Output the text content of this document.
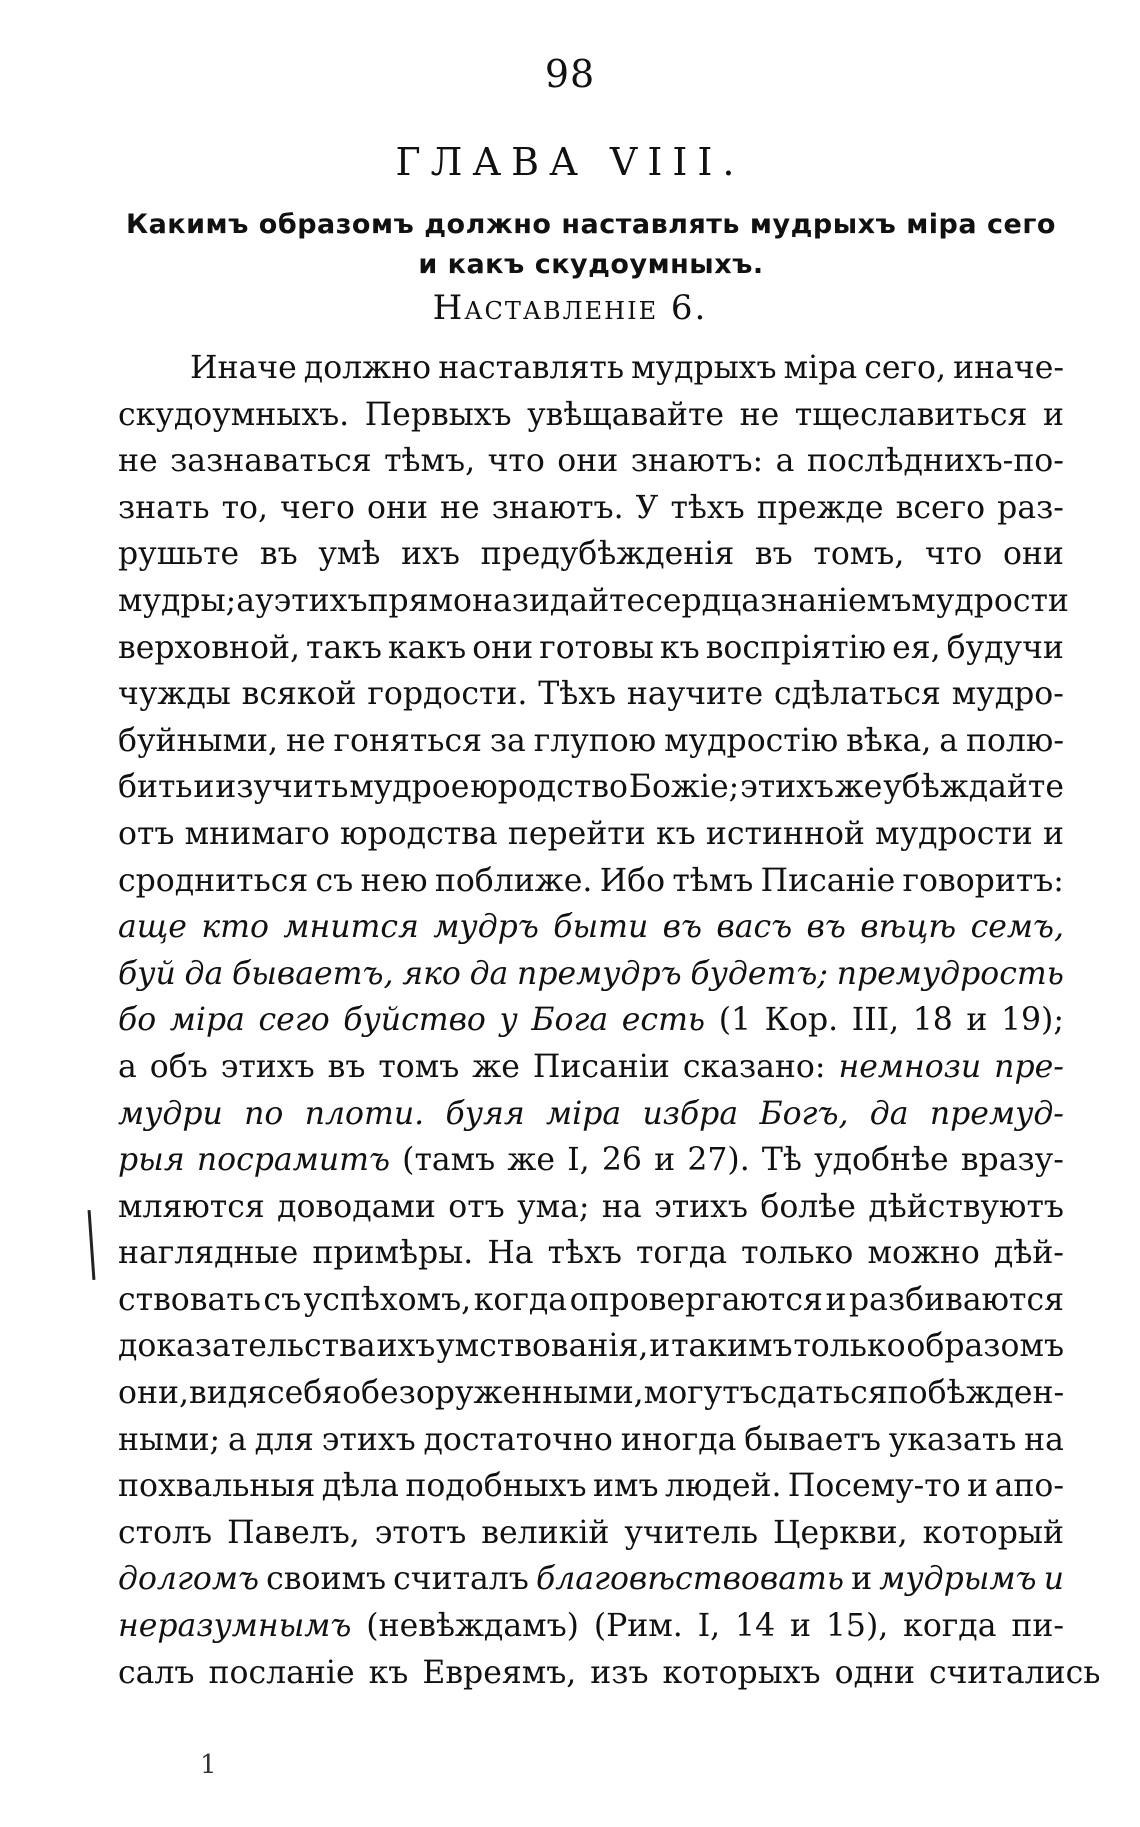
98
ГЛАВА VIII.
Какимъ образомъ должно наставлять мудрыхъ міра сего и какъ скудоумныхъ.
Наставленіе 6.
Иначе должно наставлять мудрыхъ міра сего, иначе-
скудоумныхъ. Первыхъ увѣщавайте не тщеславиться и
не зазнаваться тѣмъ, что они знаютъ: а послѣднихъ-по-
знать то, чего они не знаютъ. У тѣхъ прежде всего раз-
рушьте въ умѣ ихъ предубѣжденія въ томъ, что они
мудры; а у этихъ прямо назидайте сердца знаніемъ мудрости
верховной, такъ какъ они готовы къ воспріятію ея, будучи
чужды всякой гордости. Тѣхъ научите сдѣлаться мудро-
буйными, не гоняться за глупою мудростію вѣка, а полю-
бить и изучить мудрое юродство Божіе; этихъ же убѣждайте
отъ мнимаго юродства перейти къ истинной мудрости и
сродниться съ нею поближе. Ибо тѣмъ Писаніе говоритъ:
аще кто мнится мудръ быти въ васъ въ вѣцѣ семъ,
буй да бываетъ, яко да премудръ будетъ; премудрость
бо міра сего буйство у Бога есть (1 Кор. III, 18 и 19);
а объ этихъ въ томъ же Писаніи сказано: немнози пре-
мудри по плоти. буяя міра избра Богъ, да премуд-
рыя посрамитъ (тамъ же I, 26 и 27). Тѣ удобнѣе вразу-
мляются доводами отъ ума; на этихъ болѣе дѣйствуютъ
наглядные примѣры. На тѣхъ тогда только можно дѣй-
ствовать съ успѣхомъ, когда опровергаются и разбиваются
доказательства ихъ умствованія, и такимъ только образомъ
они, видя себя обезоруженными, могутъ сдаться побѣжден-
ными; а для этихъ достаточно иногда бываетъ указать на
похвальныя дѣла подобныхъ имъ людей. Посему-то и апо-
столъ Павелъ, этотъ великій учитель Церкви, который
долгомъ своимъ считалъ благовѣствовать и мудрымъ и
неразумнымъ (невѣждамъ) (Рим. I, 14 и 15), когда пи-
салъ посланіе къ Евреямъ, изъ которыхъ одни считались
1
